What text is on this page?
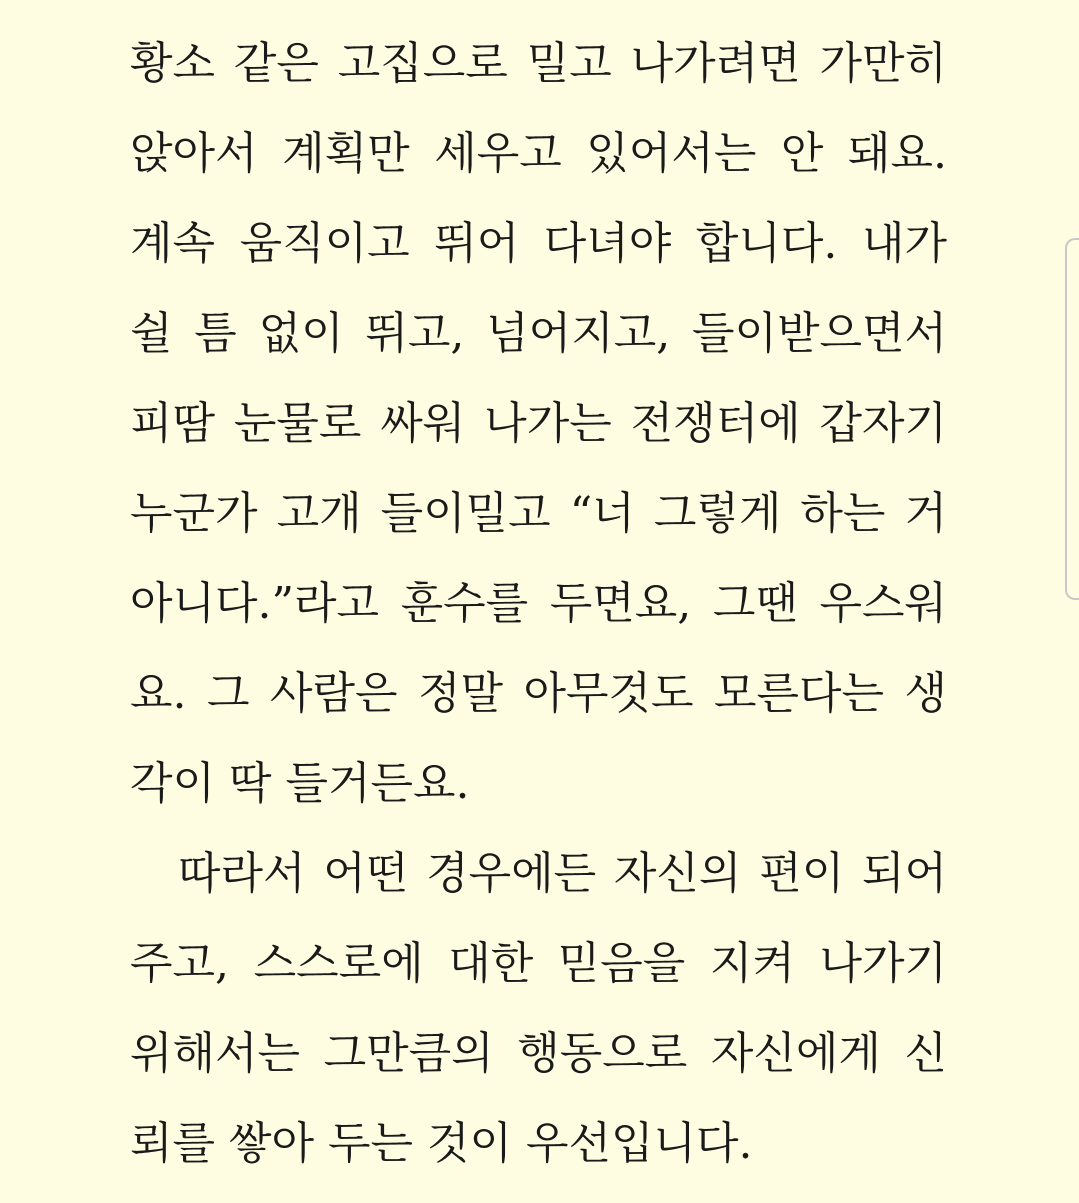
황소 같은 고집으로 밀고 나가려면 가만히
앉아서 계획만 세우고 있어서는 안 돼요.
계속 움직이고 뛰어 다녀야 합니다. 내가
쉴 틈 없이 뛰고, 넘어지고, 들이받으면서
피땀 눈물로 싸워 나가는 전쟁터에 갑자기
누군가 고개 들이밀고 “너 그렇게 하는 거
아니다.”라고 훈수를 두면요, 그땐 우스워
요. 그 사람은 정말 아무것도 모른다는 생
각이 딱 들거든요.
따라서 어떤 경우에든 자신의 편이 되어
주고, 스스로에 대한 믿음을 지켜 나가기
위해서는 그만큼의 행동으로 자신에게 신
뢰를 쌓아 두는 것이 우선입니다.
